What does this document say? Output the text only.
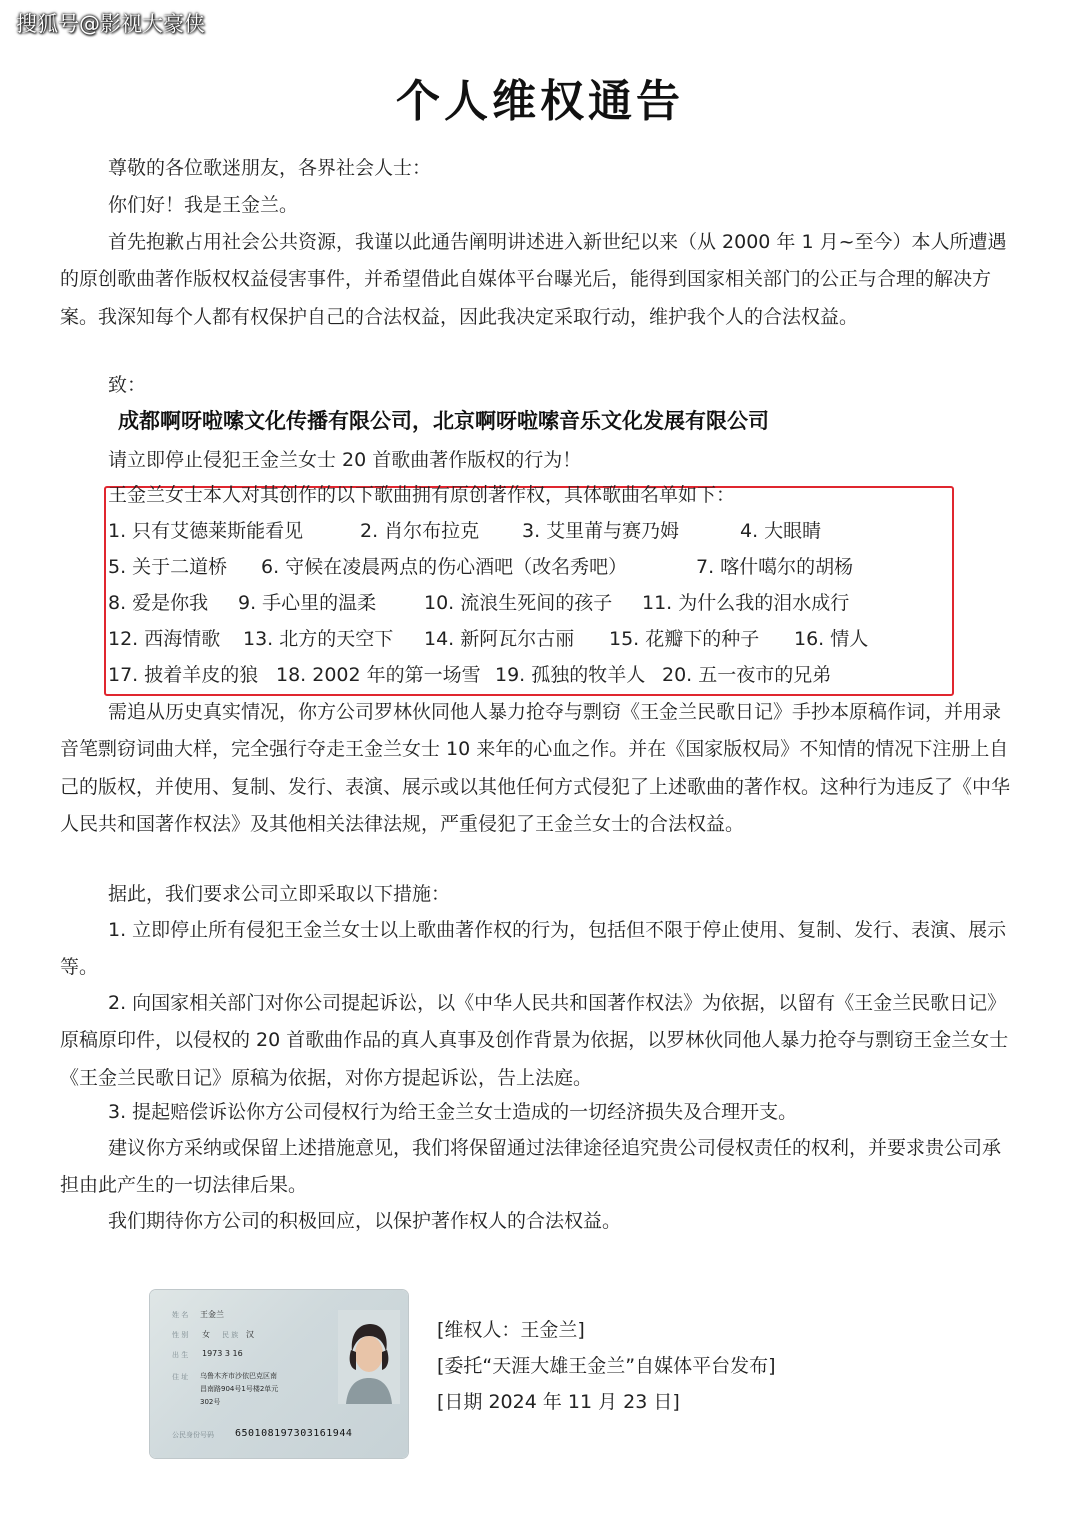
搜狐号@影视大豪侠
个人维权通告
尊敬的各位歌迷朋友，各界社会人士：
你们好！我是王金兰。
首先抱歉占用社会公共资源，我谨以此通告阐明讲述进入新世纪以来（从 2000 年 1 月~至今）本人所遭遇的原创歌曲著作版权权益侵害事件，并希望借此自媒体平台曝光后，能得到国家相关部门的公正与合理的解决方案。我深知每个人都有权保护自己的合法权益，因此我决定采取行动，维护我个人的合法权益。
致：
成都啊呀啦嗦文化传播有限公司，北京啊呀啦嗦音乐文化发展有限公司
请立即停止侵犯王金兰女士 20 首歌曲著作版权的行为！
王金兰女士本人对其创作的以下歌曲拥有原创著作权，具体歌曲名单如下：
1. 只有艾德莱斯能看见	2. 肖尔布拉克 3. 艾里莆与赛乃姆	4. 大眼睛
5. 关于二道桥 6. 守候在凌晨两点的伤心酒吧（改名秀吧）	7. 喀什噶尔的胡杨
8. 爱是你我 9. 手心里的温柔	10. 流浪生死间的孩子 11. 为什么我的泪水成行
12. 西海情歌 13. 北方的天空下 14. 新阿瓦尔古丽 15. 花瓣下的种子 16. 情人
17. 披着羊皮的狼 18. 2002 年的第一场雪 19. 孤独的牧羊人 20. 五一夜市的兄弟
需追从历史真实情况，你方公司罗林伙同他人暴力抢夺与剽窃《王金兰民歌日记》手抄本原稿作词，并用录音笔剽窃词曲大样，完全强行夺走王金兰女士 10 来年的心血之作。并在《国家版权局》不知情的情况下注册上自己的版权，并使用、复制、发行、表演、展示或以其他任何方式侵犯了上述歌曲的著作权。这种行为违反了《中华人民共和国著作权法》及其他相关法律法规，严重侵犯了王金兰女士的合法权益。
据此，我们要求公司立即采取以下措施：
1. 立即停止所有侵犯王金兰女士以上歌曲著作权的行为，包括但不限于停止使用、复制、发行、表演、展示等。
2. 向国家相关部门对你公司提起诉讼，以《中华人民共和国著作权法》为依据，以留有《王金兰民歌日记》原稿原印件，以侵权的 20 首歌曲作品的真人真事及创作背景为依据，以罗林伙同他人暴力抢夺与剽窃王金兰女士《王金兰民歌日记》原稿为依据，对你方提起诉讼，告上法庭。
3. 提起赔偿诉讼你方公司侵权行为给王金兰女士造成的一切经济损失及合理开支。
建议你方采纳或保留上述措施意见，我们将保留通过法律途径追究贵公司侵权责任的权利，并要求贵公司承担由此产生的一切法律后果。
我们期待你方公司的积极回应，以保护著作权人的合法权益。
姓 名 王金兰
性 别 女 民 族 汉
出 生 1973 3 16
住 址 乌鲁木齐市沙依巴克区南
昌南路904号1号楼2单元
302号
公民身份号码 650108197303161944
[维权人：王金兰]
[委托“天涯大雄王金兰”自媒体平台发布]
[日期 2024 年 11 月 23 日]
